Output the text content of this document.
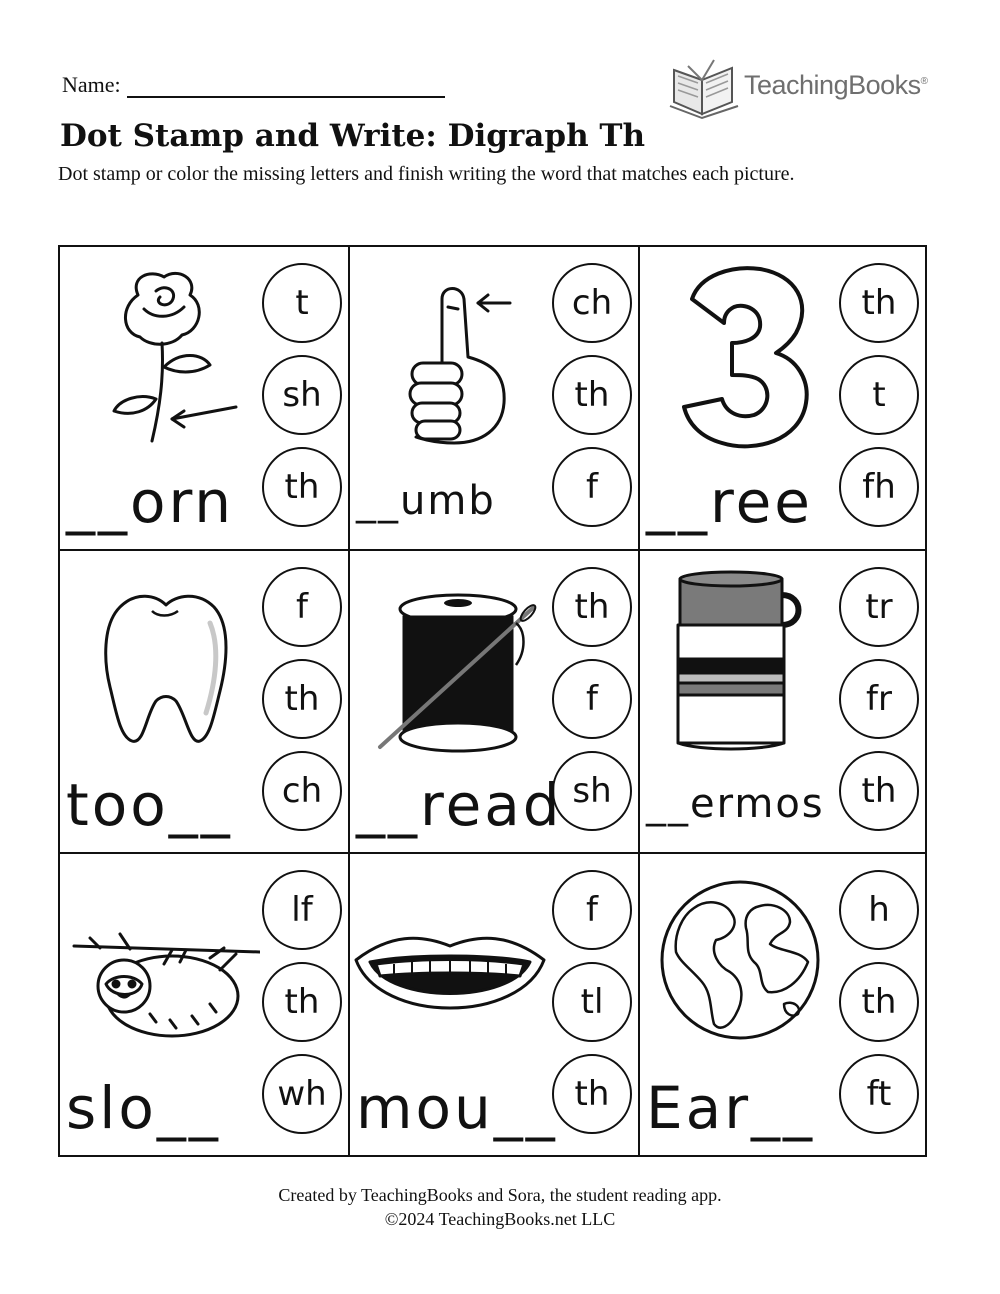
Name:	TeachingBooks®
Dot Stamp and Write: Digraph Th
Dot stamp or color the missing letters and finish writing the word that matches each picture.
t
sh
th
__orn
ch
th
f
__umb
th
t
fh
__ree
f
th
ch
too__
th
f
sh
__read
tr
fr
th
__ermos
lf
th
wh
slo__
f
tl
th
mou__
h
th
ft
Ear__
Created by TeachingBooks and Sora, the student reading app.
©2024 TeachingBooks.net LLC
